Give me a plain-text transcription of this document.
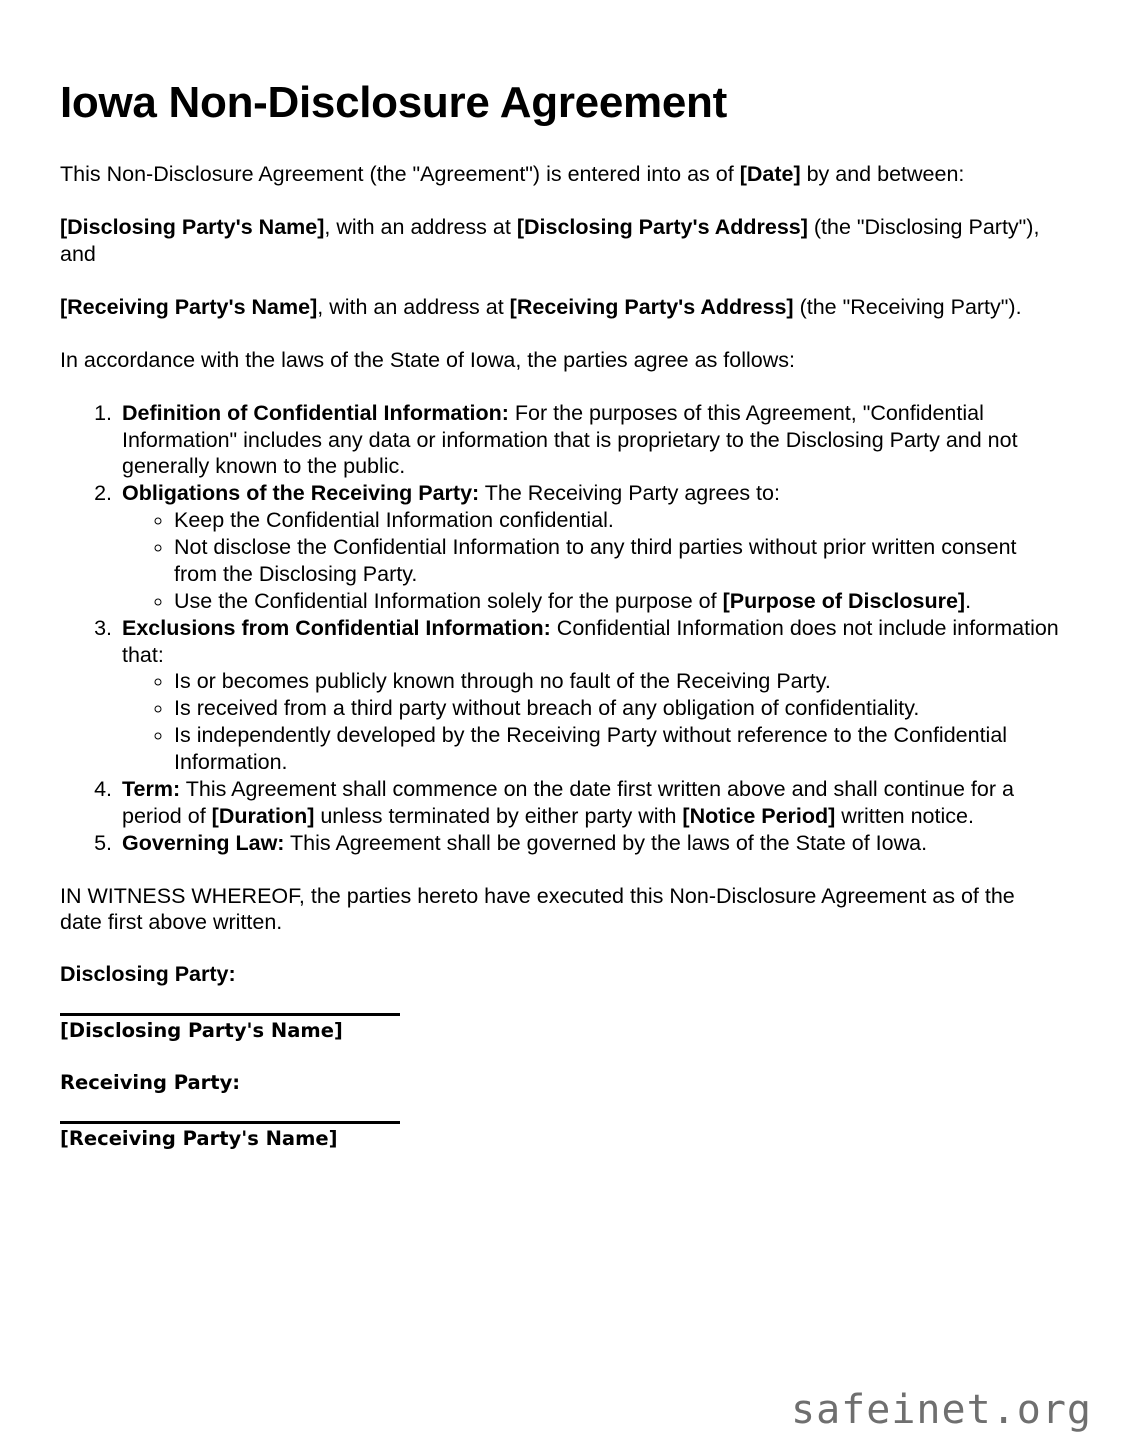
Iowa Non-Disclosure Agreement

This Non-Disclosure Agreement (the "Agreement") is entered into as of [Date] by and between:

[Disclosing Party's Name], with an address at [Disclosing Party's Address] (the "Disclosing Party"), and

[Receiving Party's Name], with an address at [Receiving Party's Address] (the "Receiving Party").

In accordance with the laws of the State of Iowa, the parties agree as follows:

1. Definition of Confidential Information: For the purposes of this Agreement, "Confidential Information" includes any data or information that is proprietary to the Disclosing Party and not generally known to the public.
2. Obligations of the Receiving Party: The Receiving Party agrees to:
◦ Keep the Confidential Information confidential.
◦ Not disclose the Confidential Information to any third parties without prior written consent from the Disclosing Party.
◦ Use the Confidential Information solely for the purpose of [Purpose of Disclosure].
3. Exclusions from Confidential Information: Confidential Information does not include information that:
◦ Is or becomes publicly known through no fault of the Receiving Party.
◦ Is received from a third party without breach of any obligation of confidentiality.
◦ Is independently developed by the Receiving Party without reference to the Confidential Information.
4. Term: This Agreement shall commence on the date first written above and shall continue for a period of [Duration] unless terminated by either party with [Notice Period] written notice.
5. Governing Law: This Agreement shall be governed by the laws of the State of Iowa.

IN WITNESS WHEREOF, the parties hereto have executed this Non-Disclosure Agreement as of the date first above written.

Disclosing Party:
[Disclosing Party's Name]
Receiving Party:
[Receiving Party's Name]
safeinet.org
